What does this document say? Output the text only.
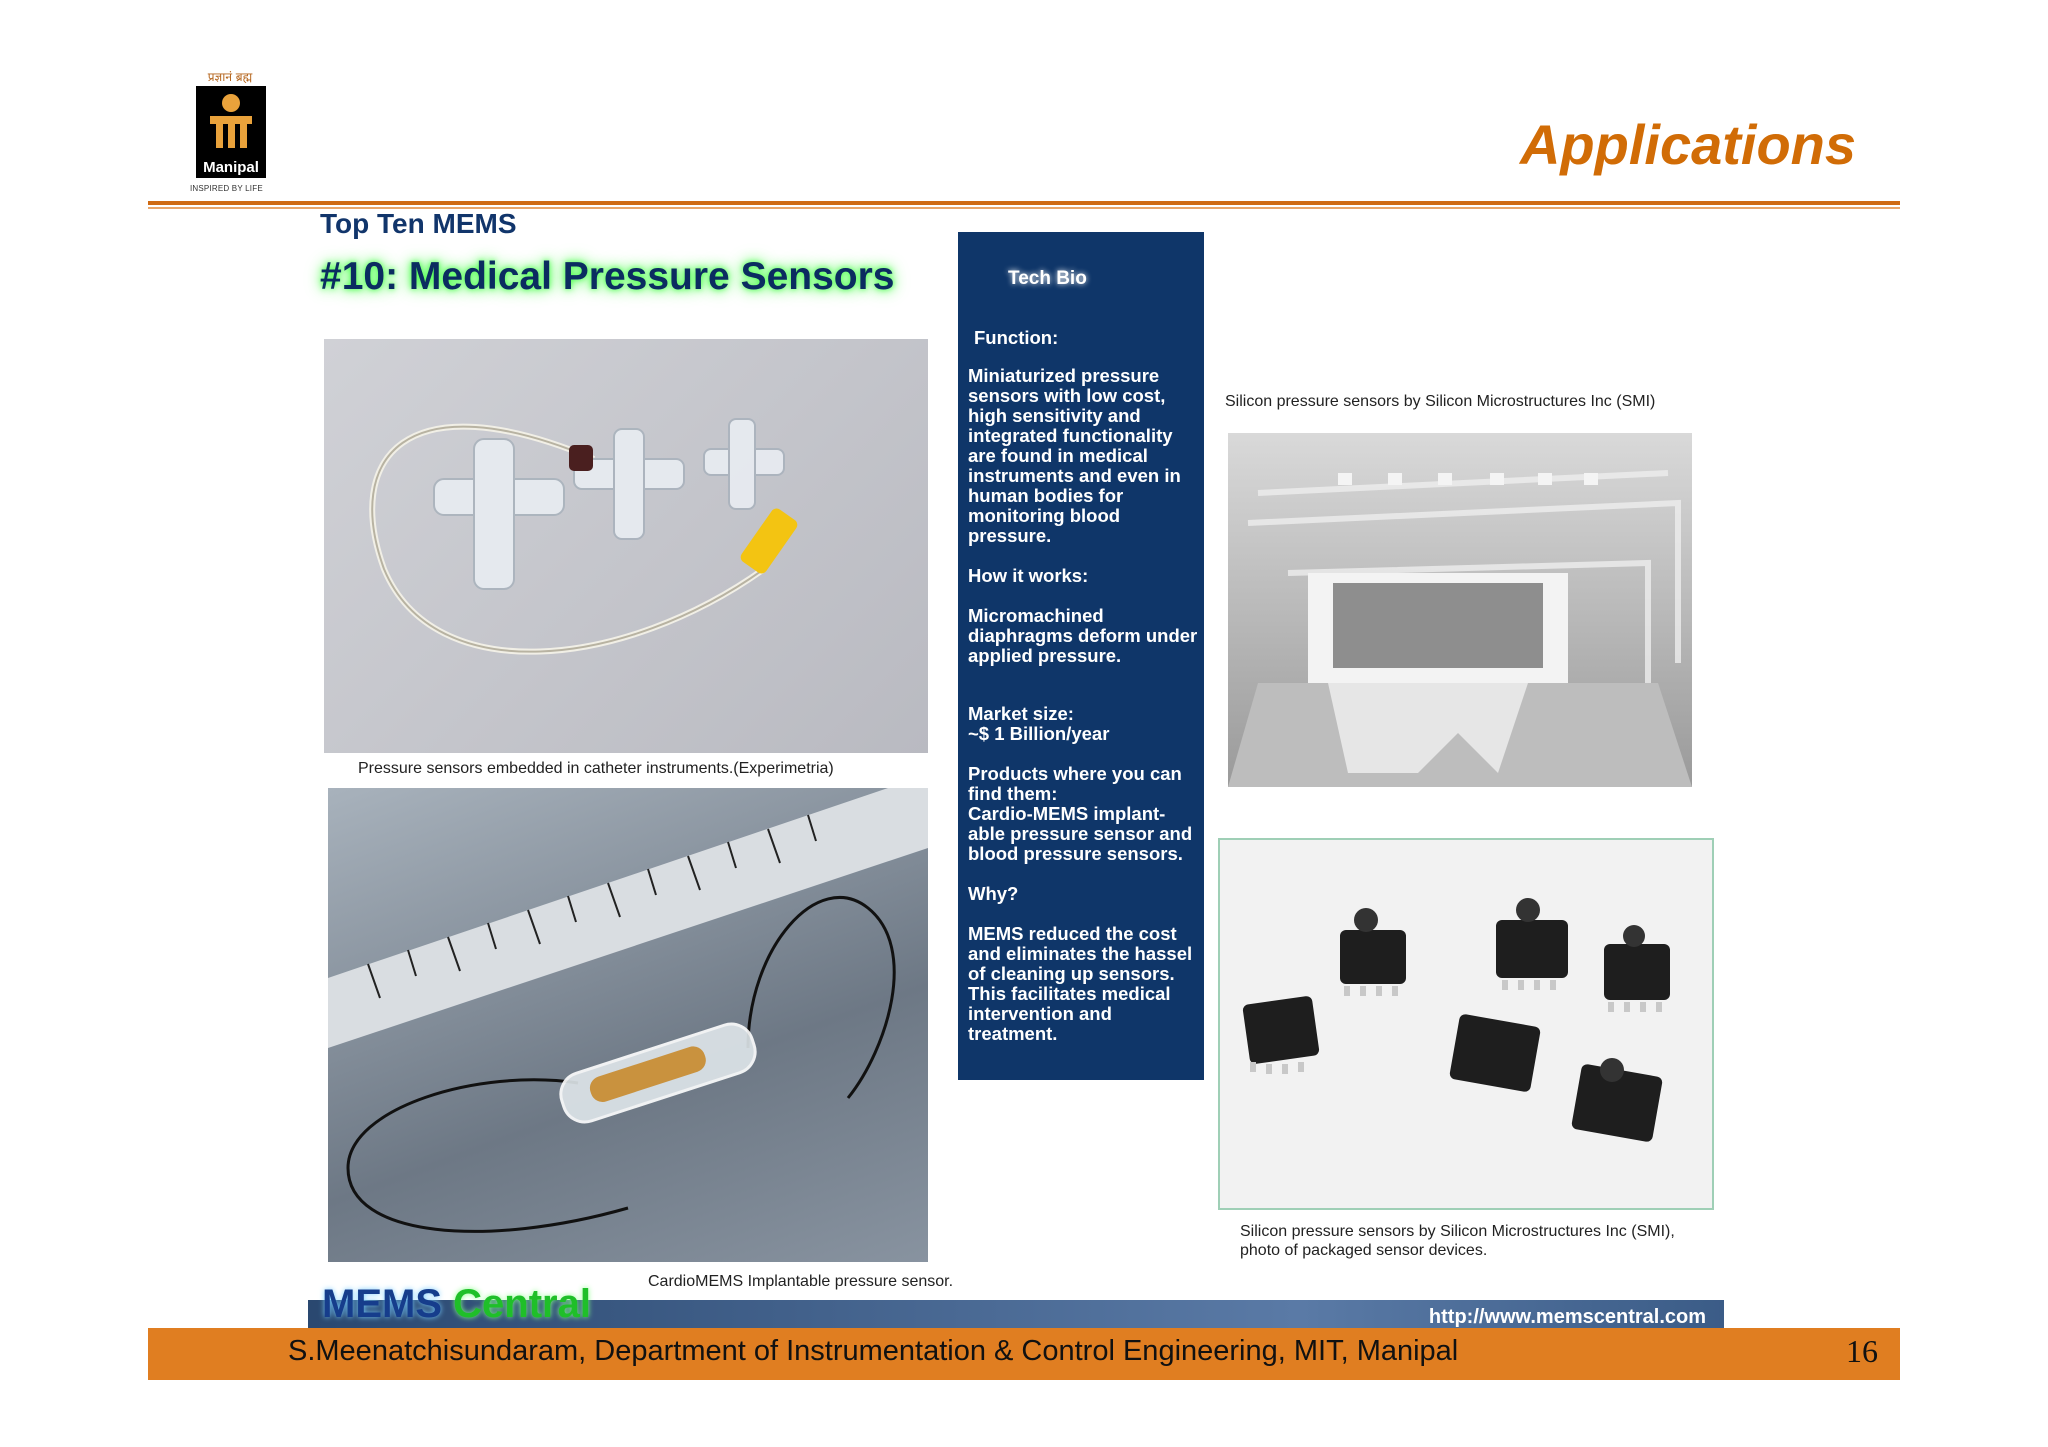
प्रज्ञानं ब्रह्म
Manipal
INSPIRED BY LIFE
Applications
Top Ten MEMS
#10: Medical Pressure Sensors
Pressure sensors embedded in catheter instruments.(Experimetria)
CardioMEMS Implantable pressure sensor.
Tech Bio

Function:

Miniaturized pressure sensors with low cost, high sensitivity and integrated functionality are found in medical instruments and even in human bodies for monitoring blood pressure.

How it works:

Micromachined diaphragms deform under applied pressure.

Market size:

~$ 1 Billion/year

Products where you can find them:

Cardio-MEMS implant-able pressure sensor and blood pressure sensors.

Why?

MEMS reduced the cost and eliminates the hassel of cleaning up sensors. This facilitates medical intervention and treatment.

Silicon pressure sensors by Silicon Microstructures Inc (SMI)
Silicon pressure sensors by Silicon Microstructures Inc (SMI),
photo of packaged sensor devices.
MEMS Central	http://www.memscentral.com
S.Meenatchisundaram, Department of Instrumentation & Control Engineering, MIT, Manipal	16
